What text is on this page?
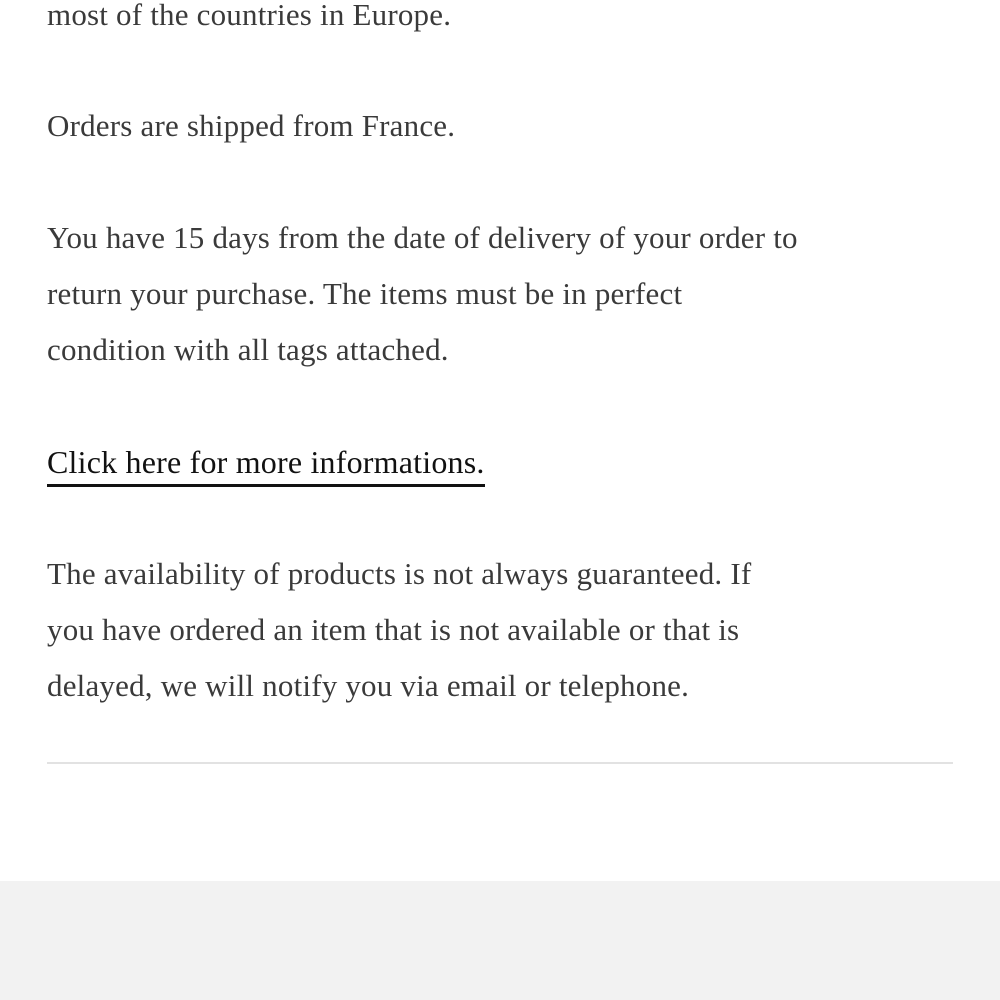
most of the countries in Europe.

Orders are shipped from France.

You have 15 days from the date of delivery of your order to
return your purchase. The items must be in perfect
condition with all tags attached.

Click here for more informations.

The availability of products is not always guaranteed. If
you have ordered an item that is not available or that is
delayed, we will notify you via email or telephone.
